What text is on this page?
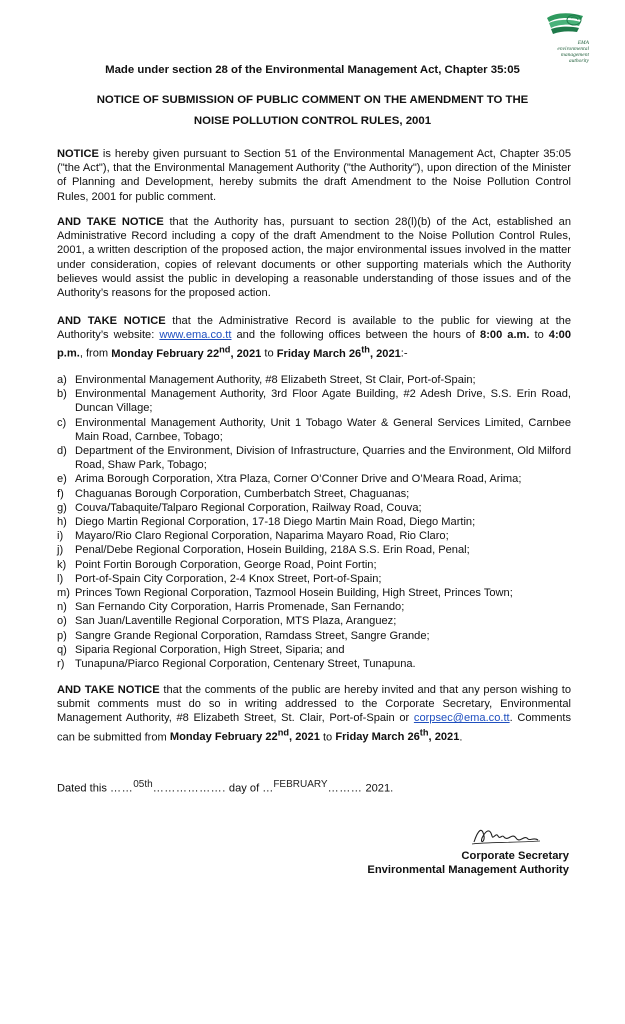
EMA
environmental
management
authority
Made under section 28 of the Environmental Management Act, Chapter 35:05
NOTICE OF SUBMISSION OF PUBLIC COMMENT ON THE AMENDMENT TO THE
NOISE POLLUTION CONTROL RULES, 2001
NOTICE is hereby given pursuant to Section 51 of the Environmental Management Act, Chapter 35:05 ("the Act"), that the Environmental Management Authority ("the Authority"), upon direction of the Minister of Planning and Development, hereby submits the draft Amendment to the Noise Pollution Control Rules, 2001 for public comment.
AND TAKE NOTICE that the Authority has, pursuant to section 28(l)(b) of the Act, established an Administrative Record including a copy of the draft Amendment to the Noise Pollution Control Rules, 2001, a written description of the proposed action, the major environmental issues involved in the matter under consideration, copies of relevant documents or other supporting materials which the Authority believes would assist the public in developing a reasonable understanding of those issues and of the Authority’s reasons for the proposed action.
AND TAKE NOTICE that the Administrative Record is available to the public for viewing at the Authority’s website: www.ema.co.tt and the following offices between the hours of 8:00 a.m. to 4:00 p.m., from Monday February 22nd, 2021 to Friday March 26th, 2021:-
a) Environmental Management Authority, #8 Elizabeth Street, St Clair, Port-of-Spain;
b) Environmental Management Authority, 3rd Floor Agate Building, #2 Adesh Drive, S.S. Erin Road, Duncan Village;
c) Environmental Management Authority, Unit 1 Tobago Water & General Services Limited, Carnbee Main Road, Carnbee, Tobago;
d) Department of the Environment, Division of Infrastructure, Quarries and the Environment, Old Milford Road, Shaw Park, Tobago;
e) Arima Borough Corporation, Xtra Plaza, Corner O’Conner Drive and O’Meara Road, Arima;
f) Chaguanas Borough Corporation, Cumberbatch Street, Chaguanas;
g) Couva/Tabaquite/Talparo Regional Corporation, Railway Road, Couva;
h) Diego Martin Regional Corporation, 17-18 Diego Martin Main Road, Diego Martin;
i) Mayaro/Rio Claro Regional Corporation, Naparima Mayaro Road, Rio Claro;
j) Penal/Debe Regional Corporation, Hosein Building, 218A S.S. Erin Road, Penal;
k) Point Fortin Borough Corporation, George Road, Point Fortin;
l) Port-of-Spain City Corporation, 2-4 Knox Street, Port-of-Spain;
m) Princes Town Regional Corporation, Tazmool Hosein Building, High Street, Princes Town;
n) San Fernando City Corporation, Harris Promenade, San Fernando;
o) San Juan/Laventille Regional Corporation, MTS Plaza, Aranguez;
p) Sangre Grande Regional Corporation, Ramdass Street, Sangre Grande;
q) Siparia Regional Corporation, High Street, Siparia; and
r) Tunapuna/Piarco Regional Corporation, Centenary Street, Tunapuna.
AND TAKE NOTICE that the comments of the public are hereby invited and that any person wishing to submit comments must do so in writing addressed to the Corporate Secretary, Environmental Management Authority, #8 Elizabeth Street, St. Clair, Port-of-Spain or corpsec@ema.co.tt. Comments can be submitted from Monday February 22nd, 2021 to Friday March 26th, 2021.
Dated this ……$^{05th}$………………. day of …$^{FEBRUARY}$……… 2021.
Corporate Secretary
Environmental Management Authority
